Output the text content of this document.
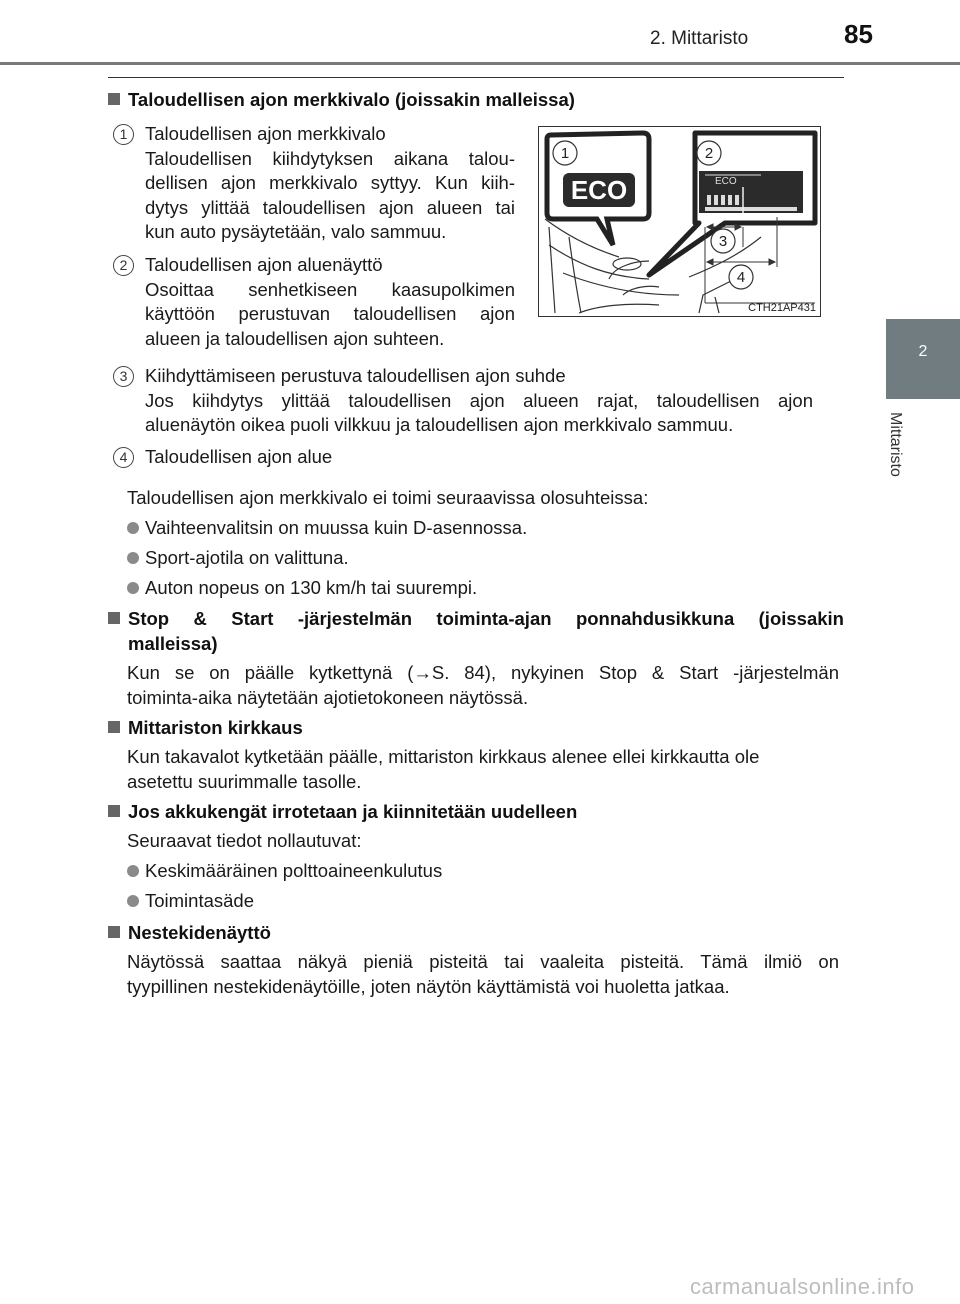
2. Mittaristo	85
2
Mittaristo
Taloudellisen ajon merkkivalo (joissakin malleissa)
1 Taloudellisen ajon merkkivalo
Taloudellisen kiihdytyksen aikana talou-
dellisen ajon merkkivalo syttyy. Kun kiih-
dytys ylittää taloudellisen ajon alueen tai
kun auto pysäytetään, valo sammuu.
2 Taloudellisen ajon aluenäyttö
Osoittaa senhetkiseen kaasupolkimen
käyttöön perustuvan taloudellisen ajon
alueen ja taloudellisen ajon suhteen.
3 Kiihdyttämiseen perustuva taloudellisen ajon suhde
Jos kiihdytys ylittää taloudellisen ajon alueen rajat, taloudellisen ajon
aluenäytön oikea puoli vilkkuu ja taloudellisen ajon merkkivalo sammuu.
4 Taloudellisen ajon alue
ECO	ECO
1	2
3
4
CTH21AP431
Taloudellisen ajon merkkivalo ei toimi seuraavissa olosuhteissa:
Vaihteenvalitsin on muussa kuin D-asennossa.
Sport-ajotila on valittuna.
Auton nopeus on 130 km/h tai suurempi.
Stop & Start -järjestelmän toiminta-ajan ponnahdusikkuna (joissakin
malleissa)
Kun se on päälle kytkettynä (→S. 84), nykyinen Stop & Start -järjestelmän
toiminta-aika näytetään ajotietokoneen näytössä.
Mittariston kirkkaus
Kun takavalot kytketään päälle, mittariston kirkkaus alenee ellei kirkkautta ole
asetettu suurimmalle tasolle.
Jos akkukengät irrotetaan ja kiinnitetään uudelleen
Seuraavat tiedot nollautuvat:
Keskimääräinen polttoaineenkulutus
Toimintasäde
Nestekidenäyttö
Näytössä saattaa näkyä pieniä pisteitä tai vaaleita pisteitä. Tämä ilmiö on
tyypillinen nestekidenäytöille, joten näytön käyttämistä voi huoletta jatkaa.
carmanualsonline.info
